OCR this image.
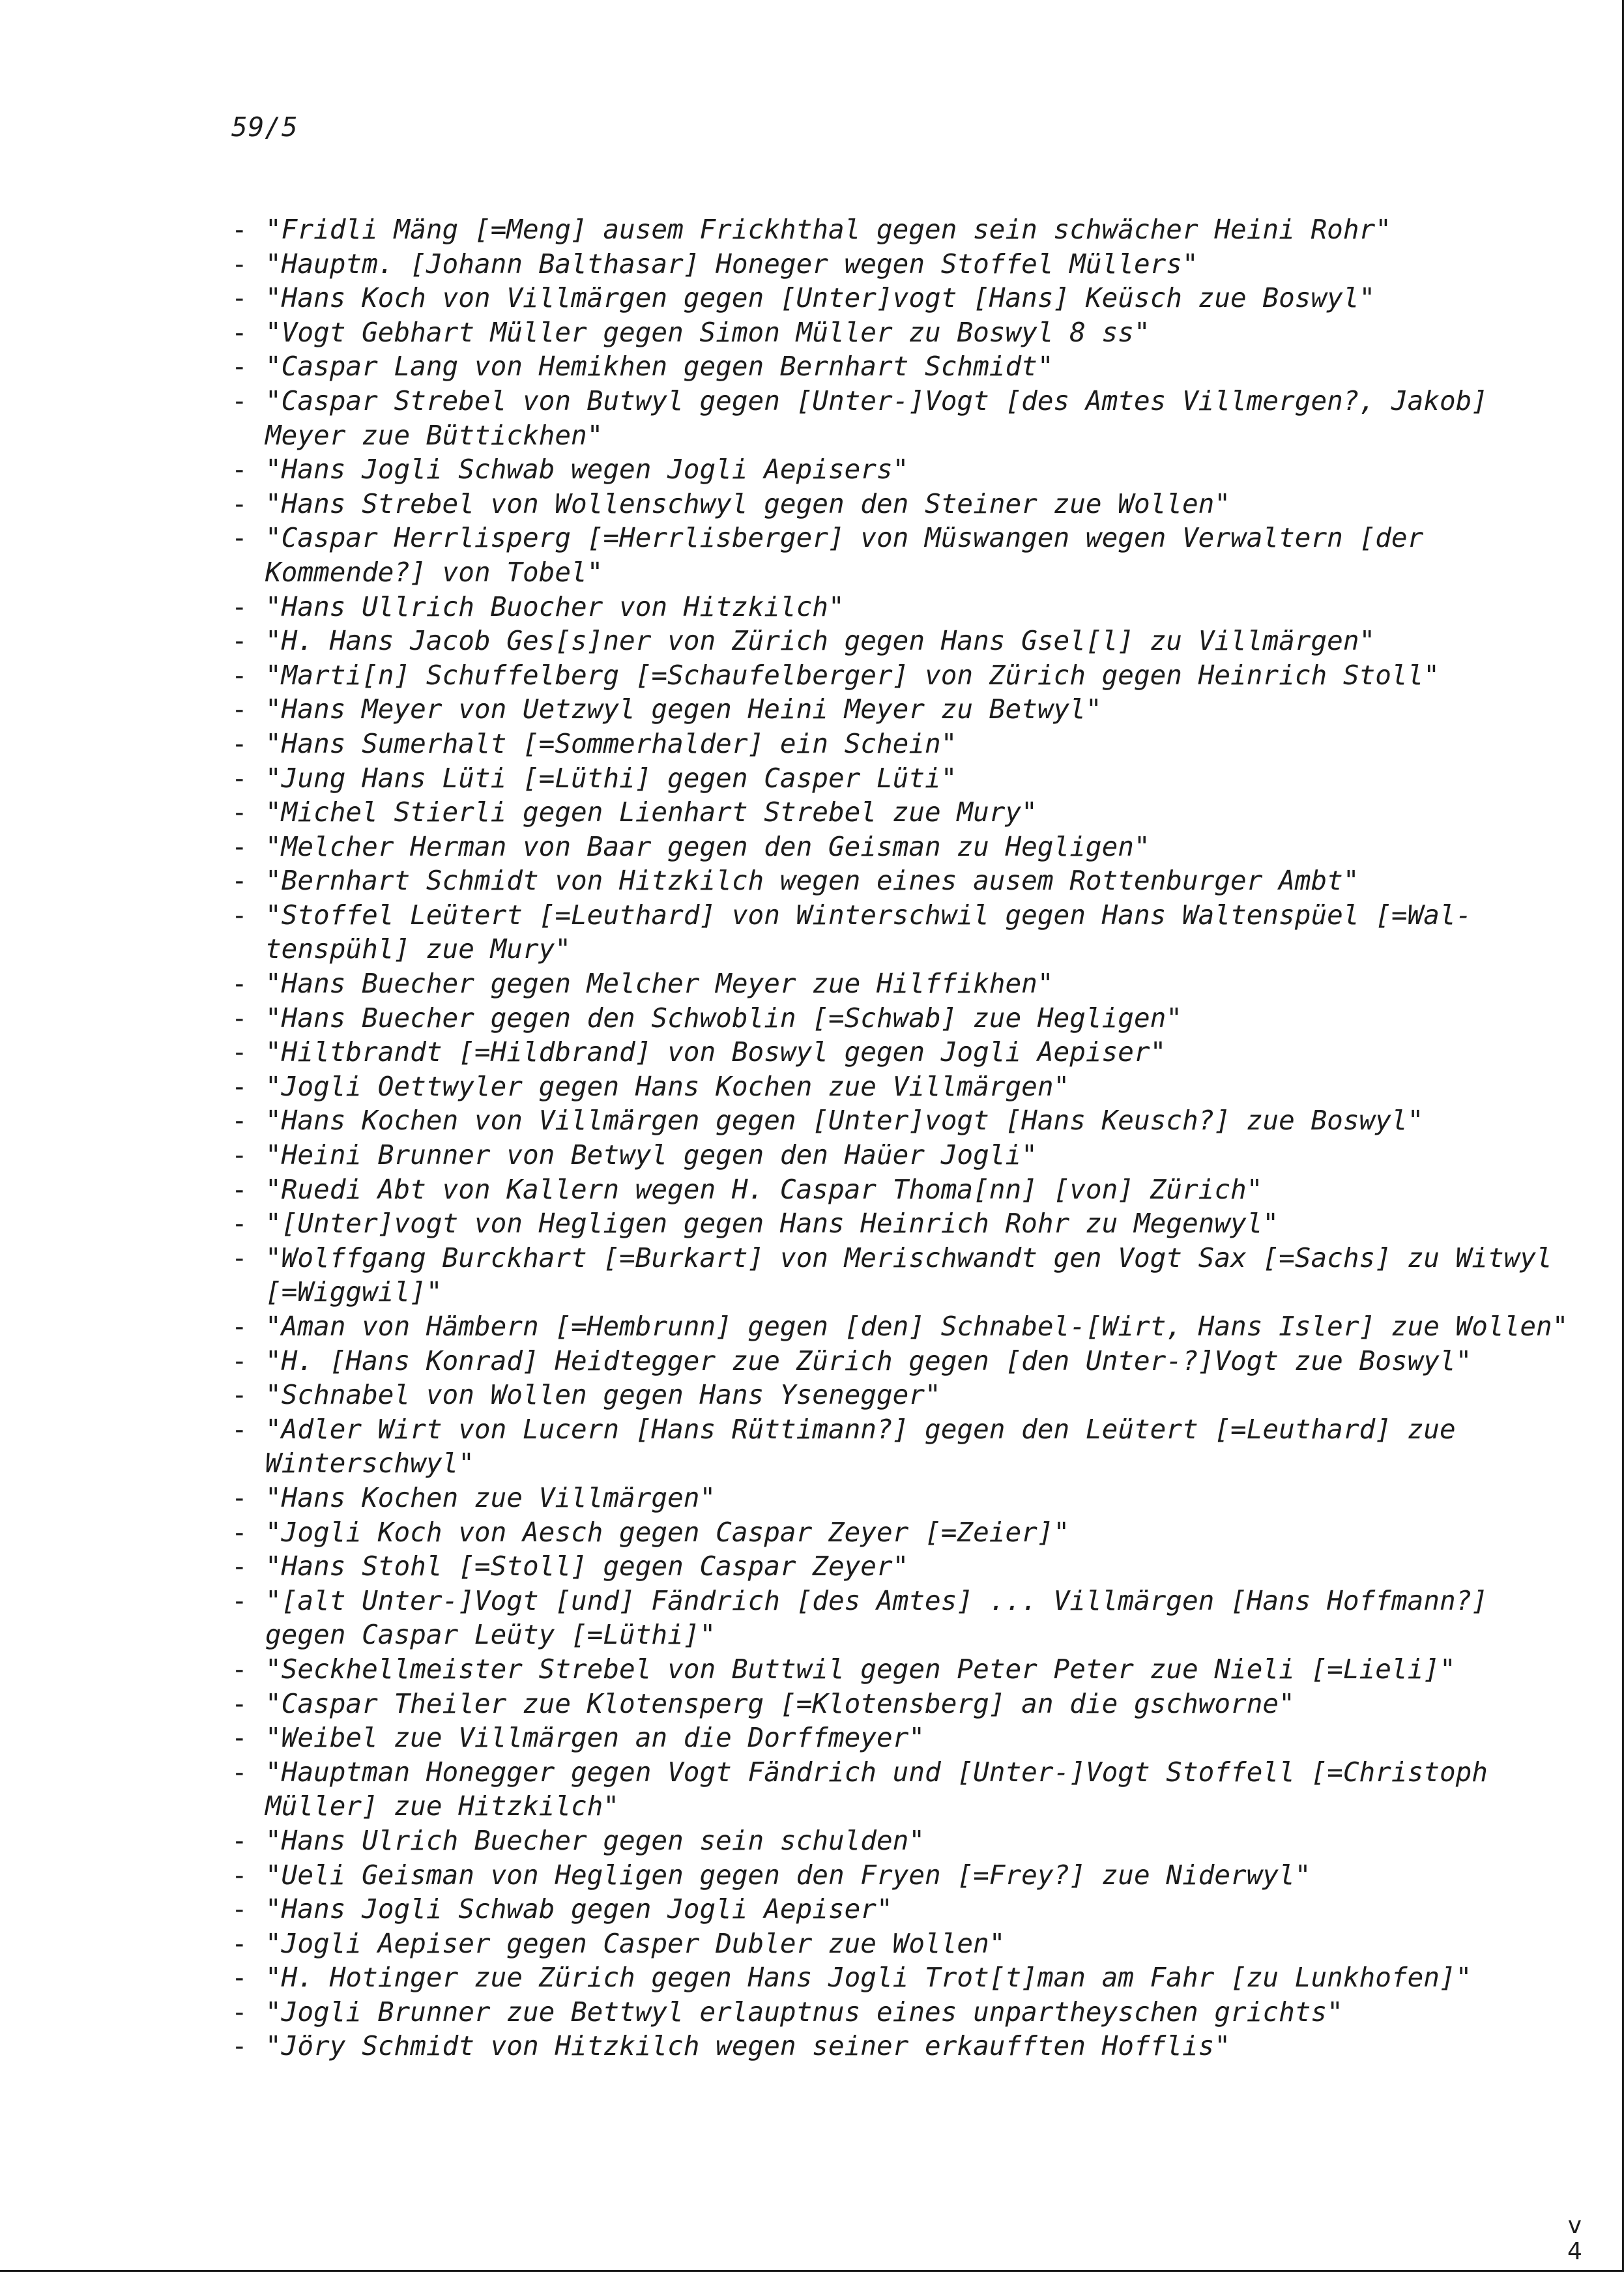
59/5
- "Fridli Mäng [=Meng] ausem Frickhthal gegen sein schwächer Heini Rohr"
- "Hauptm. [Johann Balthasar] Honeger wegen Stoffel Müllers"
- "Hans Koch von Villmärgen gegen [Unter]vogt [Hans] Keüsch zue Boswyl"
- "Vogt Gebhart Müller gegen Simon Müller zu Boswyl 8 ss"
- "Caspar Lang von Hemikhen gegen Bernhart Schmidt"
- "Caspar Strebel von Butwyl gegen [Unter-]Vogt [des Amtes Villmergen?, Jakob] Meyer zue Büttickhen"
- "Hans Jogli Schwab wegen Jogli Aepisers"
- "Hans Strebel von Wollenschwyl gegen den Steiner zue Wollen"
- "Caspar Herrlisperg [=Herrlisberger] von Müswangen wegen Verwaltern [der Kommende?] von Tobel"
- "Hans Ullrich Buocher von Hitzkilch"
- "H. Hans Jacob Ges[s]ner von Zürich gegen Hans Gsel[l] zu Villmärgen"
- "Marti[n] Schuffelberg [=Schaufelberger] von Zürich gegen Heinrich Stoll"
- "Hans Meyer von Uetzwyl gegen Heini Meyer zu Betwyl"
- "Hans Sumerhalt [=Sommerhalder] ein Schein"
- "Jung Hans Lüti [=Lüthi] gegen Casper Lüti"
- "Michel Stierli gegen Lienhart Strebel zue Mury"
- "Melcher Herman von Baar gegen den Geisman zu Hegligen"
- "Bernhart Schmidt von Hitzkilch wegen eines ausem Rottenburger Ambt"
- "Stoffel Leütert [=Leuthard] von Winterschwil gegen Hans Waltenspüel [=Wal-tenspühl] zue Mury"
- "Hans Buecher gegen Melcher Meyer zue Hilffikhen"
- "Hans Buecher gegen den Schwoblin [=Schwab] zue Hegligen"
- "Hiltbrandt [=Hildbrand] von Boswyl gegen Jogli Aepiser"
- "Jogli Oettwyler gegen Hans Kochen zue Villmärgen"
- "Hans Kochen von Villmärgen gegen [Unter]vogt [Hans Keusch?] zue Boswyl"
- "Heini Brunner von Betwyl gegen den Haüer Jogli"
- "Ruedi Abt von Kallern wegen H. Caspar Thoma[nn] [von] Zürich"
- "[Unter]vogt von Hegligen gegen Hans Heinrich Rohr zu Megenwyl"
- "Wolffgang Burckhart [=Burkart] von Merischwandt gen Vogt Sax [=Sachs] zu Witwyl [=Wiggwil]"
- "Aman von Hämbern [=Hembrunn] gegen [den] Schnabel-[Wirt, Hans Isler] zue Wollen"
- "H. [Hans Konrad] Heidtegger zue Zürich gegen [den Unter-?]Vogt zue Boswyl"
- "Schnabel von Wollen gegen Hans Ysenegger"
- "Adler Wirt von Lucern [Hans Rüttimann?] gegen den Leütert [=Leuthard] zue Winterschwyl"
- "Hans Kochen zue Villmärgen"
- "Jogli Koch von Aesch gegen Caspar Zeyer [=Zeier]"
- "Hans Stohl [=Stoll] gegen Caspar Zeyer"
- "[alt Unter-]Vogt [und] Fändrich [des Amtes] ... Villmärgen [Hans Hoffmann?] gegen Caspar Leüty [=Lüthi]"
- "Seckhellmeister Strebel von Buttwil gegen Peter Peter zue Nieli [=Lieli]"
- "Caspar Theiler zue Klotensperg [=Klotensberg] an die gschworne"
- "Weibel zue Villmärgen an die Dorffmeyer"
- "Hauptman Honegger gegen Vogt Fändrich und [Unter-]Vogt Stoffell [=Christoph Müller] zue Hitzkilch"
- "Hans Ulrich Buecher gegen sein schulden"
- "Ueli Geisman von Hegligen gegen den Fryen [=Frey?] zue Niderwyl"
- "Hans Jogli Schwab gegen Jogli Aepiser"
- "Jogli Aepiser gegen Casper Dubler zue Wollen"
- "H. Hotinger zue Zürich gegen Hans Jogli Trot[t]man am Fahr [zu Lunkhofen]"
- "Jogli Brunner zue Bettwyl erlauptnus eines unpartheyschen grichts"
- "Jöry Schmidt von Hitzkilch wegen seiner erkaufften Hofflis"
v
4
